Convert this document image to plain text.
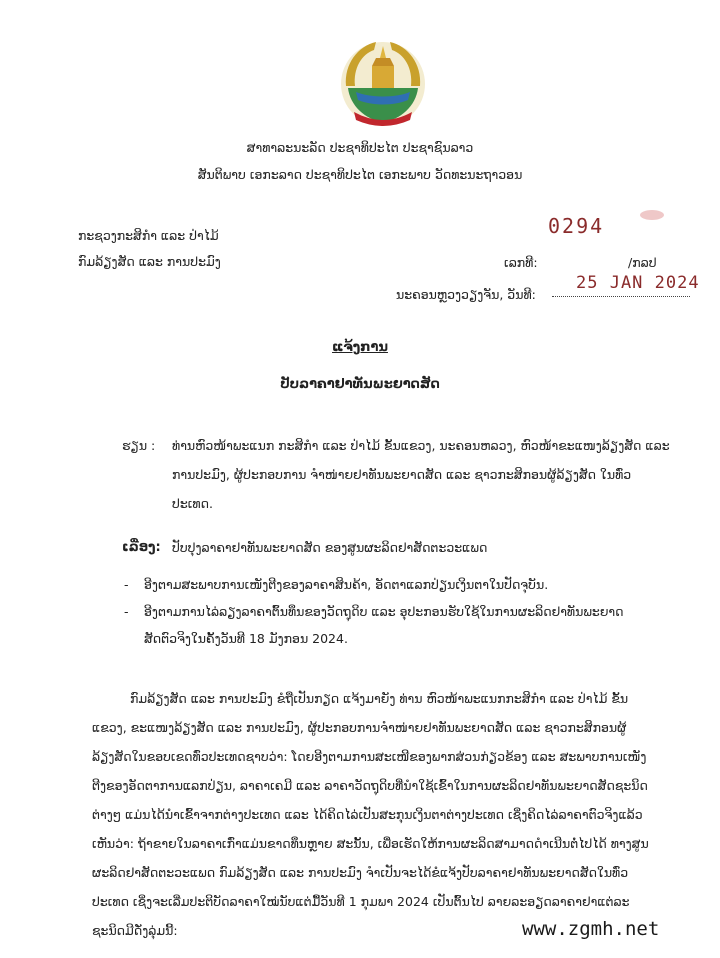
ສາທາລະນະລັດ ປະຊາທິປະໄຕ ປະຊາຊົນລາວ
ສັນຕິພາບ ເອກະລາດ ປະຊາທິປະໄຕ ເອກະພາບ ວັດທະນະຖາວອນ
ກະຊວງກະສິກຳ ແລະ ປ່າໄມ້
ກົມລ້ຽງສັດ ແລະ ການປະມົງ
0294
ເລກທີ:	/ກລປ
ນະຄອນຫຼວງວຽງຈັນ, ວັນທີ:
25 JAN 2024
ແຈ້ງການ
ປັບລາຄາຢາທັນພະຍາດສັດ
ຮຽນ : ທ່ານຫົວໜ້າພະແນກ ກະສິກຳ ແລະ ປ່າໄມ້ ຂັ້ນແຂວງ, ນະຄອນຫລວງ, ຫົວໜ້າຂະແໜງລ້ຽງສັດ ແລະ
ການປະມົງ, ຜູ້ປະກອບການ ຈຳໜ່າຍຢາທັນພະຍາດສັດ ແລະ ຊາວກະສິກອນຜູ້ລ້ຽງສັດ ໃນທົ່ວ
ປະເທດ.
ເລື່ອງ: ປັບປຸງລາຄາຢາທັນພະຍາດສັດ ຂອງສູນຜະລິດຢາສັດຕະວະແພດ
- ອີງຕາມສະພາບການເໜັງຕີງຂອງລາຄາສິນຄ້າ, ອັດຕາແລກປ່ຽນເງິນຕາໃນປັດຈຸບັນ.
- ອີງຕາມການໄລ່ລຽງລາຄາຕົ້ນທຶນຂອງວັດຖຸດິບ ແລະ ອຸປະກອນຮັບໃຊ້ໃນການຜະລິດຢາທັນພະຍາດ
ສັດຕົວຈິງໃນຄັ້ງວັນທີ 18 ມັງກອນ 2024.
ກົມລ້ຽງສັດ ແລະ ການປະມົງ ຂໍຖືເປັນກຽດ ແຈ້ງມາຍັງ ທ່ານ ຫົວໜ້າພະແນກກະສິກຳ ແລະ ປ່າໄມ້ ຂັ້ນ
ແຂວງ, ຂະແໜງລ້ຽງສັດ ແລະ ການປະມົງ, ຜູ້ປະກອບການຈຳໜ່າຍຢາທັນພະຍາດສັດ ແລະ ຊາວກະສິກອນຜູ້
ລ້ຽງສັດໃນຂອບເຂດທົ່ວປະເທດຊາບວ່າ: ໂດຍອີງຕາມການສະເໜີຂອງພາກສ່ວນກ່ຽວຂ້ອງ ແລະ ສະພາບການເໜັງ
ຕີງຂອງອັດຕາການແລກປ່ຽນ, ລາຄາເຄມີ ແລະ ລາຄາວັດຖຸດິບທີ່ນຳໃຊ້ເຂົ້າໃນການຜະລິດຢາທັນພະຍາດສັດຊະນິດ
ຕ່າງໆ ແມ່ນໄດ້ນຳເຂົ້າຈາກຕ່າງປະເທດ ແລະ ໄດ້ຄິດໄລ່ເປັນສະກຸນເງິນຕາຕ່າງປະເທດ ເຊິ່ງຄິດໄລ່ລາຄາຕົວຈິງແລ້ວ
ເຫັນວ່າ: ຖ້າຂາຍໃນລາຄາເກົ່າແມ່ນຂາດທຶນຫຼາຍ ສະນັ້ນ, ເພື່ອເຮັດໃຫ້ການຜະລິດສາມາດດຳເນີນຕໍ່ໄປໄດ້ ທາງສູນ
ຜະລິດຢາສັດຕະວະແພດ ກົມລ້ຽງສັດ ແລະ ການປະມົງ ຈຳເປັນຈະໄດ້ຂໍແຈ້ງປັບລາຄາຢາທັນພະຍາດສັດໃນທົ່ວ
ປະເທດ ເຊິ່ງຈະເລີ່ມປະຕິບັດລາຄາໃໝ່ນັບແຕ່ມື້ວັນທີ 1 ກຸມພາ 2024 ເປັນຕົ້ນໄປ ລາຍລະອຽດລາຄາຢາແຕ່ລະ
ຊະນິດມີດັ່ງລຸ່ມນີ້:	www.zgmh.net
